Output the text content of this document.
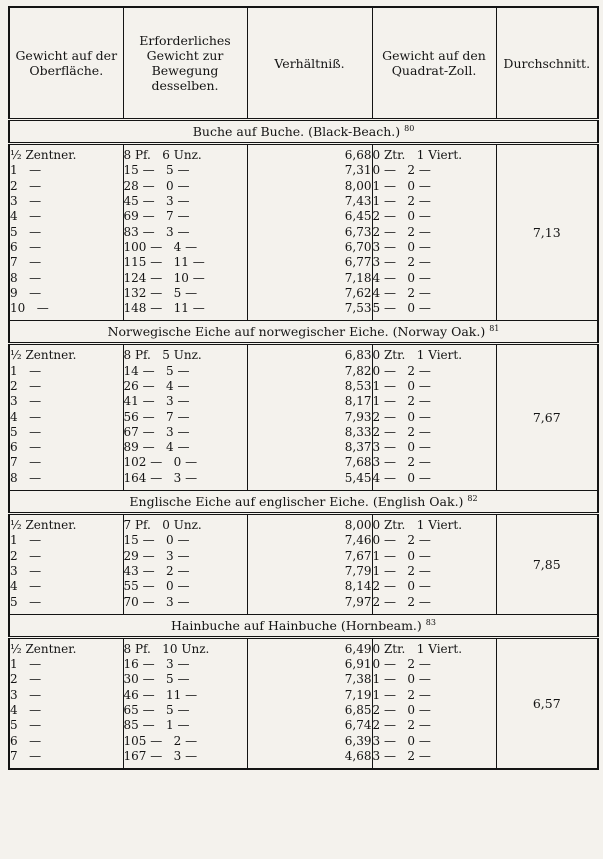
Gewicht auf der Oberfläche.	Erforderliches Gewicht zur Bewegung desselben.	Verhältniß.	Gewicht auf den Quadrat-Zoll.	Durchschnitt.
Buche auf Buche. (Black-Beach.) $^{80}$
½ Zentner.	8 Pf.   6 Unz.	6,68	0 Ztr.   1 Viert.	7,13
1   —	15 —   5 —	7,31	0 —   2 —	
2   —	28 —   0 —	8,00	1 —   0 —	
3   —	45 —   3 —	7,43	1 —   2 —	
4   —	69 —   7 —	6,45	2 —   0 —	
5   —	83 —   3 —	6,73	2 —   2 —	
6   —	100 —   4 —	6,70	3 —   0 —	
7   —	115 —   11 —	6,77	3 —   2 —	
8   —	124 —   10 —	7,18	4 —   0 —	
9   —	132 —   5 —	7,62	4 —   2 —	
10   —	148 —   11 —	7,53	5 —   0 —	
Norwegische Eiche auf norwegischer Eiche. (Norway Oak.) $^{81}$
½ Zentner.	8 Pf.   5 Unz.	6,83	0 Ztr.   1 Viert.	7,67
1   —	14 —   5 —	7,82	0 —   2 —	
2   —	26 —   4 —	8,53	1 —   0 —	
3   —	41 —   3 —	8,17	1 —   2 —	
4   —	56 —   7 —	7,93	2 —   0 —	
5   —	67 —   3 —	8,33	2 —   2 —	
6   —	89 —   4 —	8,37	3 —   0 —	
7   —	102 —   0 —	7,68	3 —   2 —	
8   —	164 —   3 —	5,45	4 —   0 —	
Englische Eiche auf englischer Eiche. (English Oak.) $^{82}$
½ Zentner.	7 Pf.   0 Unz.	8,00	0 Ztr.   1 Viert.	7,85
1   —	15 —   0 —	7,46	0 —   2 —	
2   —	29 —   3 —	7,67	1 —   0 —	
3   —	43 —   2 —	7,79	1 —   2 —	
4   —	55 —   0 —	8,14	2 —   0 —	
5   —	70 —   3 —	7,97	2 —   2 —	
Hainbuche auf Hainbuche (Hornbeam.) $^{83}$
½ Zentner.	8 Pf.   10 Unz.	6,49	0 Ztr.   1 Viert.	6,57
1   —	16 —   3 —	6,91	0 —   2 —	
2   —	30 —   5 —	7,38	1 —   0 —	
3   —	46 —   11 —	7,19	1 —   2 —	
4   —	65 —   5 —	6,85	2 —   0 —	
5   —	85 —   1 —	6,74	2 —   2 —	
6   —	105 —   2 —	6,39	3 —   0 —	
7   —	167 —   3 —	4,68	3 —   2 —	
